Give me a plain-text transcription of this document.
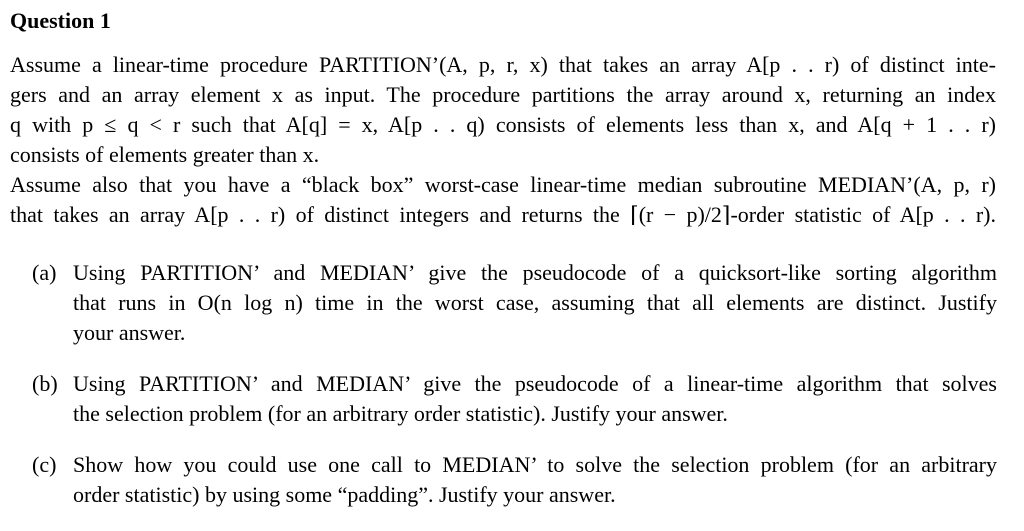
Question 1
Assume a linear-time procedure PARTITION’(A, p, r, x) that takes an array A[p . . r) of distinct inte-
gers and an array element x as input. The procedure partitions the array around x, returning an index
q with p ≤ q < r such that A[q] = x, A[p . . q) consists of elements less than x, and A[q + 1 . . r)
consists of elements greater than x.
Assume also that you have a “black box” worst-case linear-time median subroutine MEDIAN’(A, p, r)
that takes an array A[p . . r) of distinct integers and returns the ⌈(r − p)/2⌉-order statistic of A[p . . r).
(a) Using PARTITION’ and MEDIAN’ give the pseudocode of a quicksort-like sorting algorithm
that runs in O(n log n) time in the worst case, assuming that all elements are distinct. Justify
your answer.
(b) Using PARTITION’ and MEDIAN’ give the pseudocode of a linear-time algorithm that solves
the selection problem (for an arbitrary order statistic). Justify your answer.
(c) Show how you could use one call to MEDIAN’ to solve the selection problem (for an arbitrary
order statistic) by using some “padding”. Justify your answer.
